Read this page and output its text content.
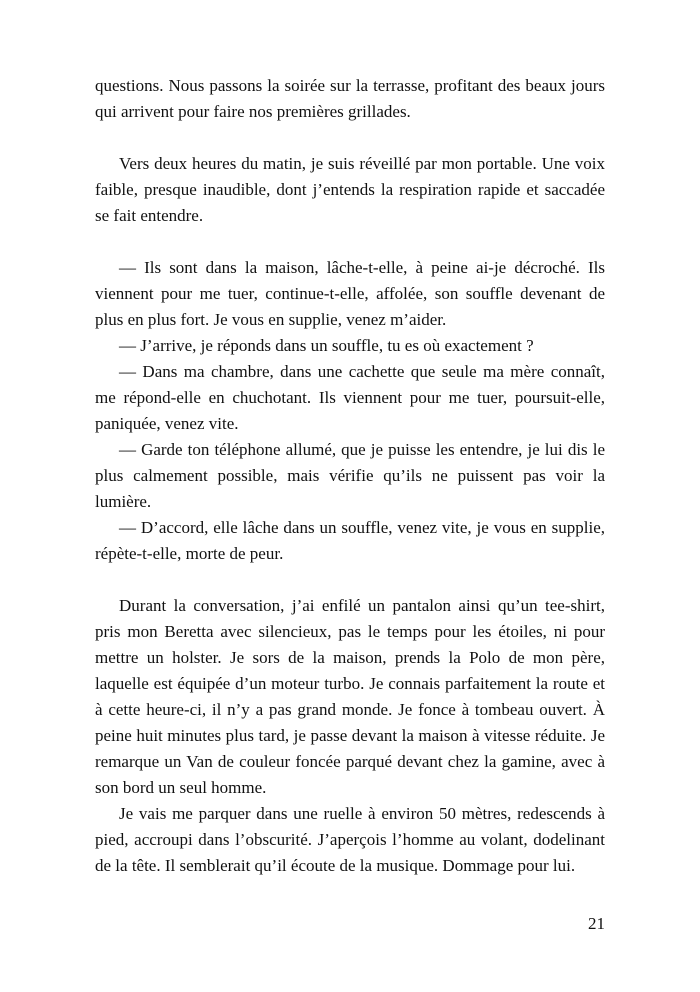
questions. Nous passons la soirée sur la terrasse, profitant des beaux jours qui arrivent pour faire nos premières grillades.

Vers deux heures du matin, je suis réveillé par mon portable. Une voix faible, presque inaudible, dont j’entends la respiration rapide et saccadée se fait entendre.

— Ils sont dans la maison, lâche-t-elle, à peine ai-je décroché. Ils viennent pour me tuer, continue-t-elle, affolée, son souffle devenant de plus en plus fort. Je vous en supplie, venez m’aider.

— J’arrive, je réponds dans un souffle, tu es où exactement ?

— Dans ma chambre, dans une cachette que seule ma mère connaît, me répond-elle en chuchotant. Ils viennent pour me tuer, poursuit-elle, paniquée, venez vite.

— Garde ton téléphone allumé, que je puisse les entendre, je lui dis le plus calmement possible, mais vérifie qu’ils ne puissent pas voir la lumière.

— D’accord, elle lâche dans un souffle, venez vite, je vous en supplie, répète-t-elle, morte de peur.

Durant la conversation, j’ai enfilé un pantalon ainsi qu’un tee-shirt, pris mon Beretta avec silencieux, pas le temps pour les étoiles, ni pour mettre un holster. Je sors de la maison, prends la Polo de mon père, laquelle est équipée d’un moteur turbo. Je connais parfaitement la route et à cette heure-ci, il n’y a pas grand monde. Je fonce à tombeau ouvert. À peine huit minutes plus tard, je passe devant la maison à vitesse réduite. Je remarque un Van de couleur foncée parqué devant chez la gamine, avec à son bord un seul homme.

Je vais me parquer dans une ruelle à environ 50 mètres, redescends à pied, accroupi dans l’obscurité. J’aperçois l’homme au volant, dodelinant de la tête. Il semblerait qu’il écoute de la musique. Dommage pour lui.

21
